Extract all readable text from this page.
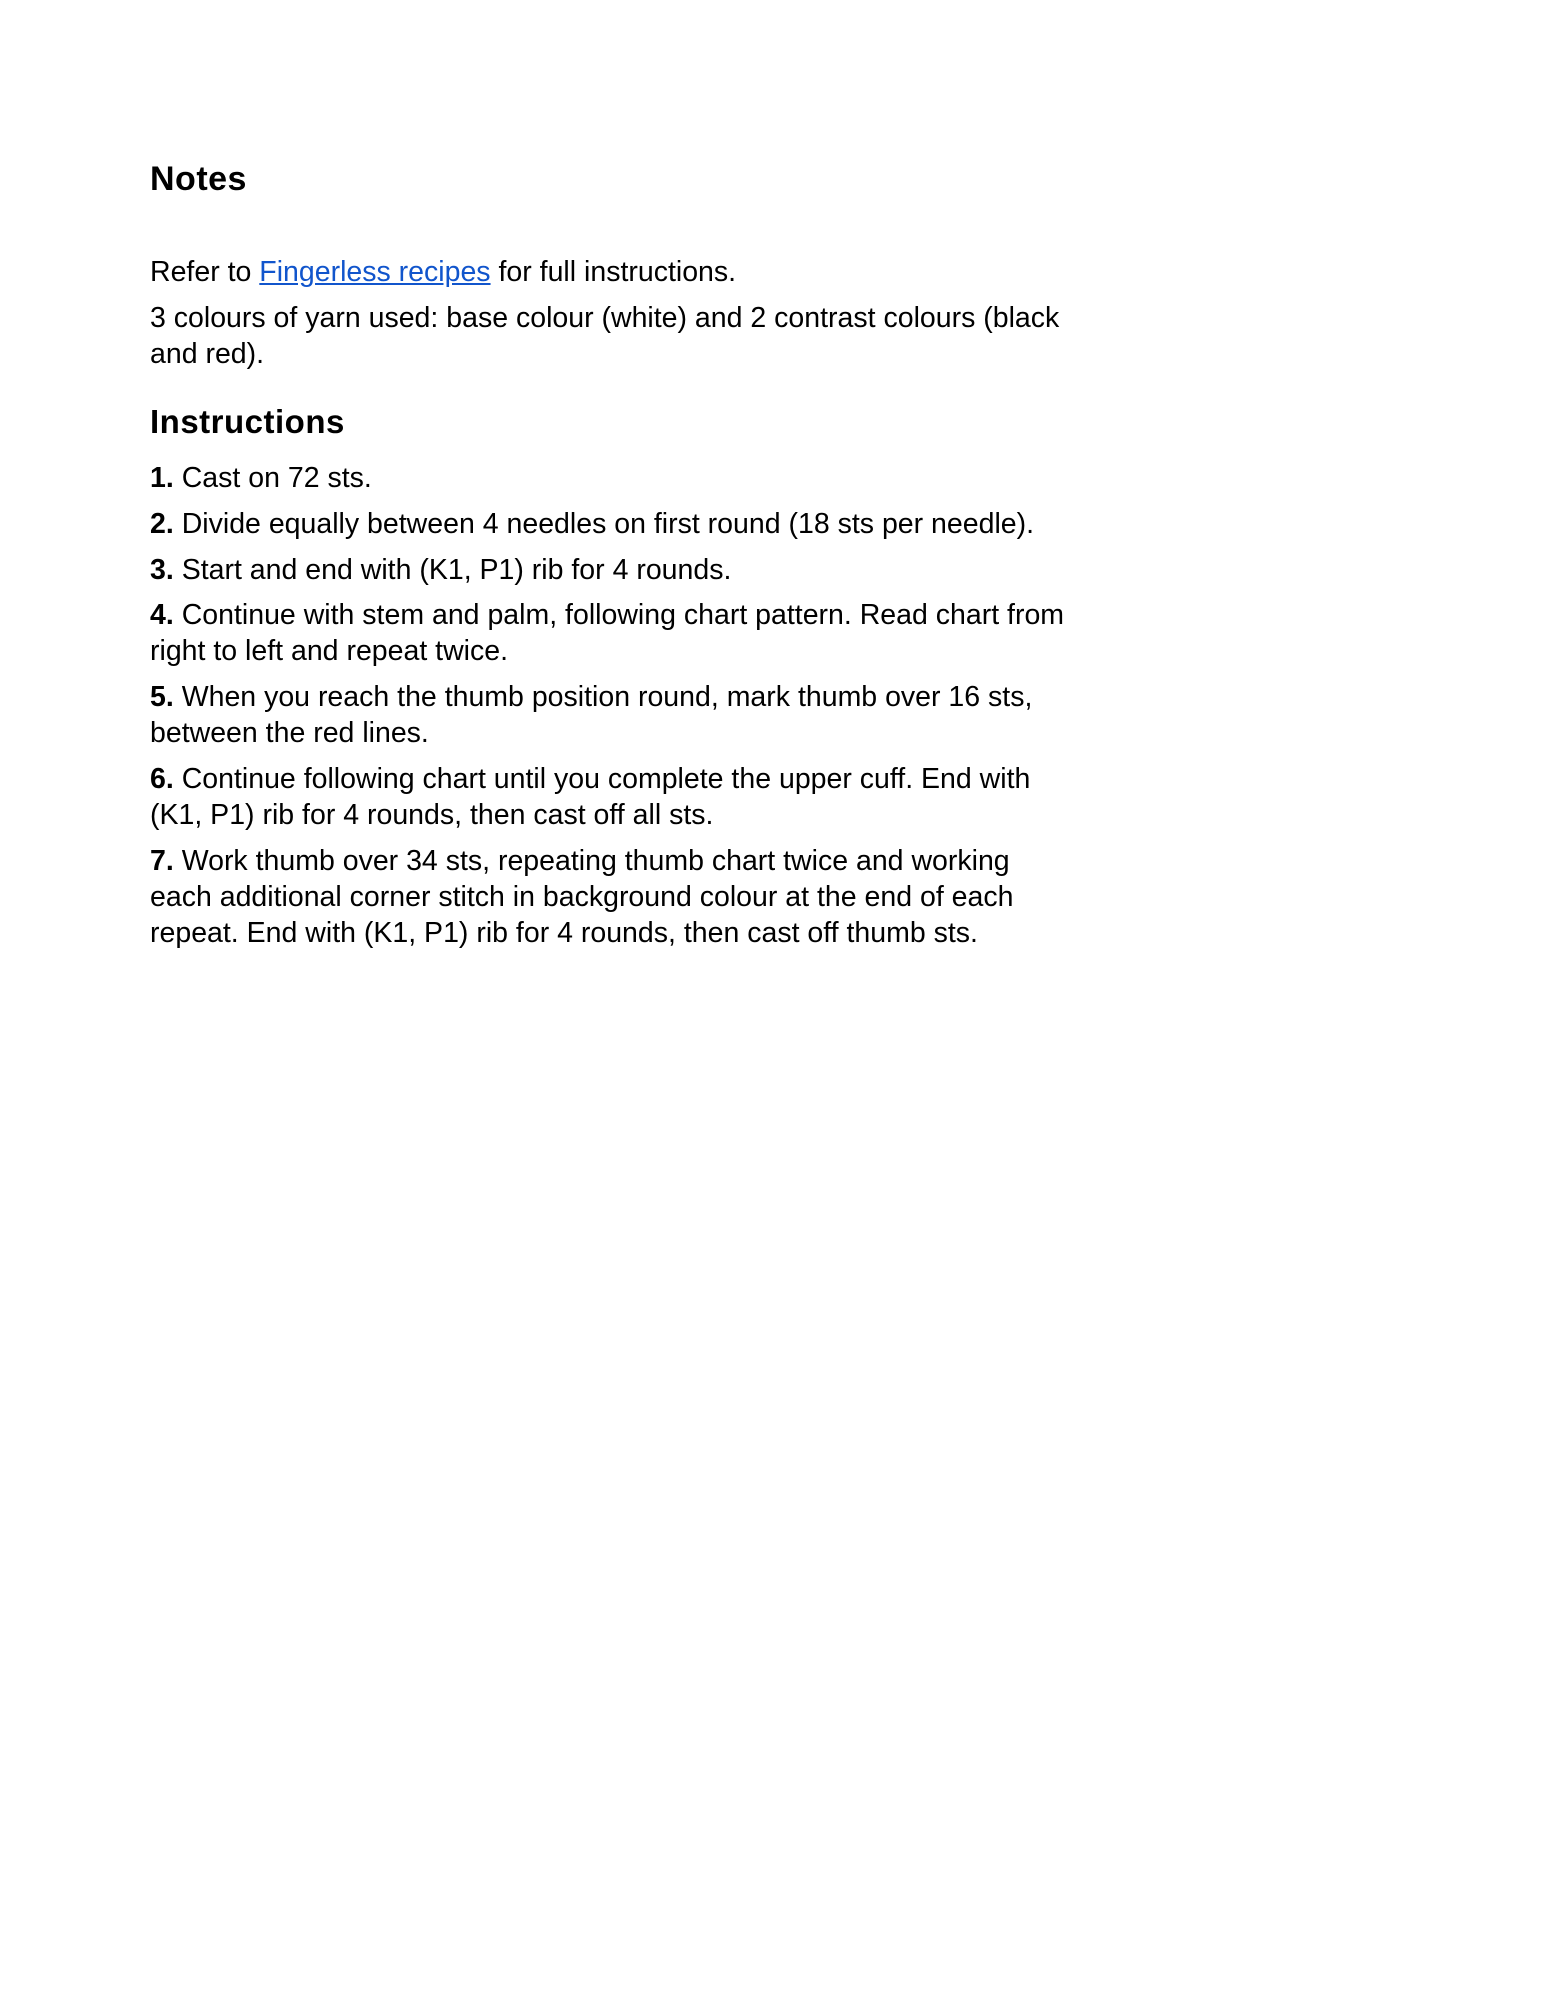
Notes

Refer to Fingerless recipes for full instructions.

3 colours of yarn used: base colour (white) and 2 contrast colours (black and red).

Instructions

1. Cast on 72 sts.

2. Divide equally between 4 needles on first round (18 sts per needle).

3. Start and end with (K1, P1) rib for 4 rounds.

4. Continue with stem and palm, following chart pattern. Read chart from right to left and repeat twice.

5. When you reach the thumb position round, mark thumb over 16 sts, between the red lines.

6. Continue following chart until you complete the upper cuff. End with (K1, P1) rib for 4 rounds, then cast off all sts.

7. Work thumb over 34 sts, repeating thumb chart twice and working each additional corner stitch in background colour at the end of each repeat. End with (K1, P1) rib for 4 rounds, then cast off thumb sts.
